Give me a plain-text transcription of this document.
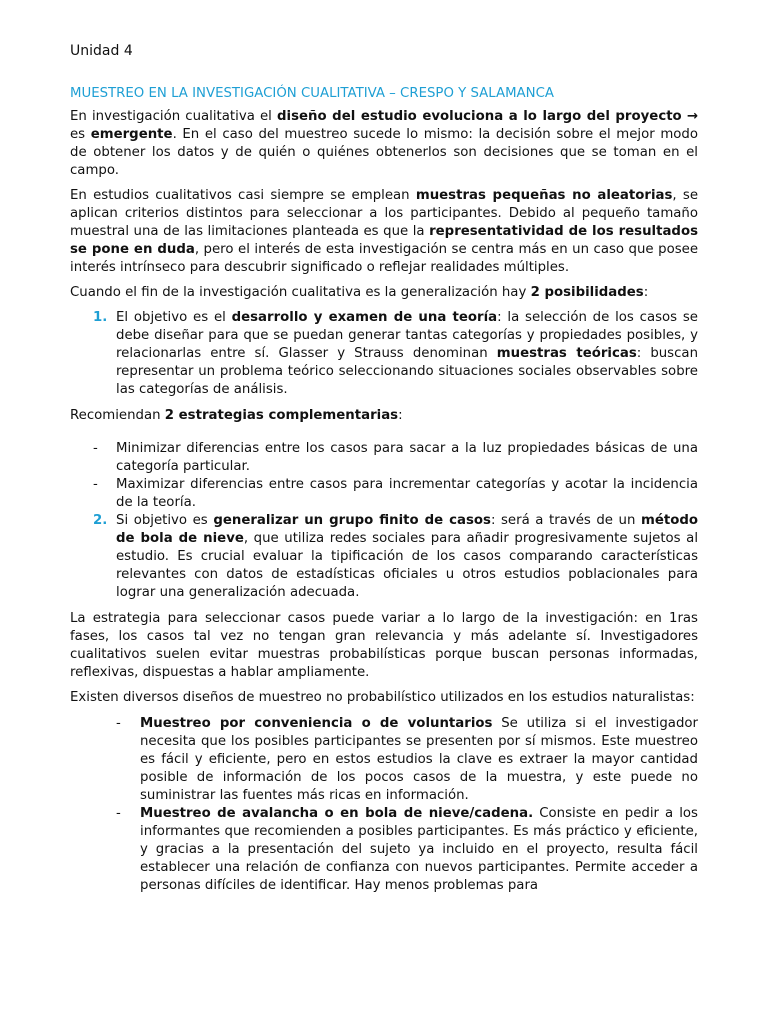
Unidad 4
MUESTREO EN LA INVESTIGACIÓN CUALITATIVA – CRESPO Y SALAMANCA

En investigación cualitativa el diseño del estudio evoluciona a lo largo del proyecto → es emergente. En el caso del muestreo sucede lo mismo: la decisión sobre el mejor modo de obtener los datos y de quién o quiénes obtenerlos son decisiones que se toman en el campo.

En estudios cualitativos casi siempre se emplean muestras pequeñas no aleatorias, se aplican criterios distintos para seleccionar a los participantes. Debido al pequeño tamaño muestral una de las limitaciones planteada es que la representatividad de los resultados se pone en duda, pero el interés de esta investigación se centra más en un caso que posee interés intrínseco para descubrir significado o reflejar realidades múltiples.

Cuando el fin de la investigación cualitativa es la generalización hay 2 posibilidades:

1. El objetivo es el desarrollo y examen de una teoría: la selección de los casos se debe diseñar para que se puedan generar tantas categorías y propiedades posibles, y relacionarlas entre sí. Glasser y Strauss denominan muestras teóricas: buscan representar un problema teórico seleccionando situaciones sociales observables sobre las categorías de análisis.

Recomiendan 2 estrategias complementarias:

- Minimizar diferencias entre los casos para sacar a la luz propiedades básicas de una categoría particular.
- Maximizar diferencias entre casos para incrementar categorías y acotar la incidencia de la teoría.
2. Si objetivo es generalizar un grupo finito de casos: será a través de un método de bola de nieve, que utiliza redes sociales para añadir progresivamente sujetos al estudio. Es crucial evaluar la tipificación de los casos comparando características relevantes con datos de estadísticas oficiales u otros estudios poblacionales para lograr una generalización adecuada.

La estrategia para seleccionar casos puede variar a lo largo de la investigación: en 1ras fases, los casos tal vez no tengan gran relevancia y más adelante sí. Investigadores cualitativos suelen evitar muestras probabilísticas porque buscan personas informadas, reflexivas, dispuestas a hablar ampliamente.

Existen diversos diseños de muestreo no probabilístico utilizados en los estudios naturalistas:

- Muestreo por conveniencia o de voluntarios Se utiliza si el investigador necesita que los posibles participantes se presenten por sí mismos. Este muestreo es fácil y eficiente, pero en estos estudios la clave es extraer la mayor cantidad posible de información de los pocos casos de la muestra, y este puede no suministrar las fuentes más ricas en información.
- Muestreo de avalancha o en bola de nieve/cadena. Consiste en pedir a los informantes que recomienden a posibles participantes. Es más práctico y eficiente, y gracias a la presentación del sujeto ya incluido en el proyecto, resulta fácil establecer una relación de confianza con nuevos participantes. Permite acceder a personas difíciles de identificar. Hay menos problemas para
